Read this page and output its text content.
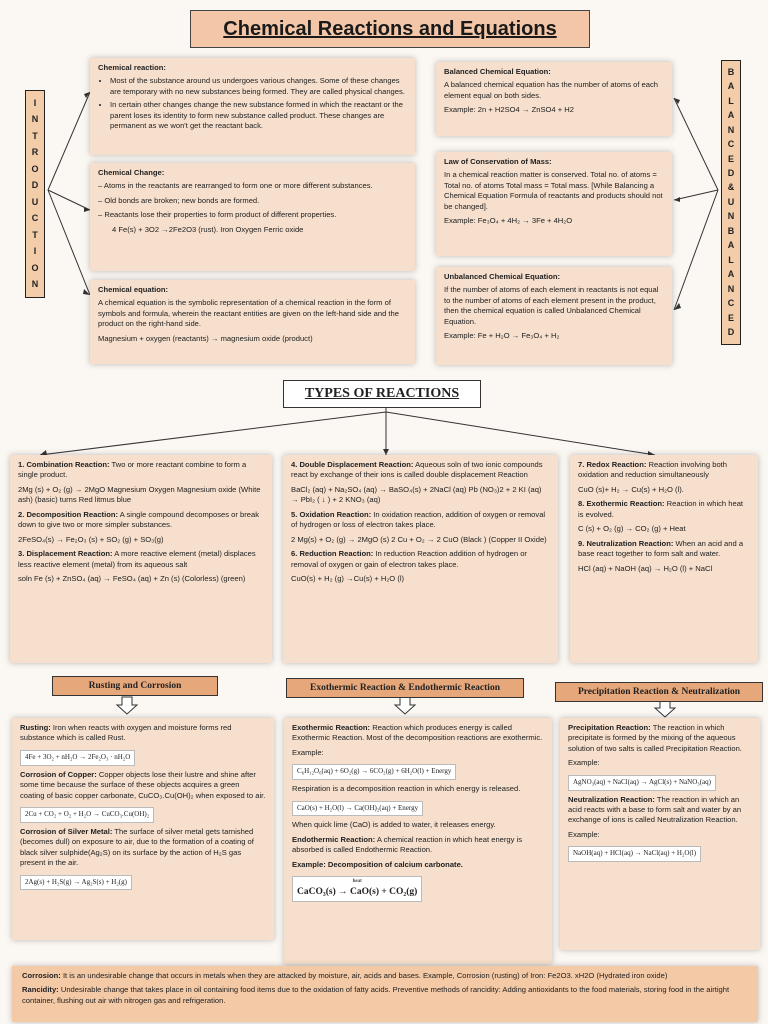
Chemical Reactions and Equations
I
N
T
R
O
D
U
C
T
I
O
N
B
A
L
A
N
C
E
D
&
U
N
B
A
L
A
N
C
E
D
Chemical reaction:
• Most of the substance around us undergoes various changes. Some of these changes are temporary with no new substances being formed. They are called physical changes.
• In certain other changes change the new substance formed in which the reactant or the parent loses its identity to form new substance called product. These changes are permanent as we won't get the reactant back.
Chemical Change:

– Atoms in the reactants are rearranged to form one or more different substances.

– Old bonds are broken; new bonds are formed.

– Reactants lose their properties to form product of different properties.

4 Fe(s) + 3O2 →2Fe2O3 (rust). Iron Oxygen Ferric oxide

Chemical equation:

A chemical equation is the symbolic representation of a chemical reaction in the form of symbols and formula, wherein the reactant entities are given on the left-hand side and the product on the right-hand side.

Magnesium + oxygen (reactants) → magnesium oxide (product)

Balanced Chemical Equation:

A balanced chemical equation has the number of atoms of each element equal on both sides.

Example: 2n + H2SO4 → ZnSO4 + H2

Law of Conservation of Mass:

In a chemical reaction matter is conserved. Total no. of atoms = Total no. of atoms Total mass = Total mass. [While Balancing a Chemical Equation Formula of reactants and products should not be changed].

Example: Fe₃O₄ + 4H₂ → 3Fe + 4H₂O

Unbalanced Chemical Equation:

If the number of atoms of each element in reactants is not equal to the number of atoms of each element present in the product, then the chemical equation is called Unbalanced Chemical Equation.

Example: Fe + H₂O → Fe₃O₄ + H₂

TYPES OF REACTIONS

1. Combination Reaction: Two or more reactant combine to form a single product.

2Mg (s) + O₂ (g) → 2MgO Magnesium Oxygen Magnesium oxide (White ash) (basic) turns Red litmus blue

2. Decomposition Reaction: A single compound decomposes or break down to give two or more simpler substances.

2FeSO₄(s) → Fe₂O₃ (s) + SO₂ (g) + SO₃(g)

3. Displacement Reaction: A more reactive element (metal) displaces less reactive element (metal) from its aqueous salt

soln Fe (s) + ZnSO₄ (aq) → FeSO₄ (aq) + Zn (s) (Colorless) (green)

4. Double Displacement Reaction: Aqueous soln of two ionic compounds react by exchange of their ions is called double displacement Reaction

BaCl₂ (aq) + Na₂SO₄ (aq) → BaSO₄(s) + 2NaCl (aq) Pb (NO₃)2 + 2 KI (aq) → PbI₂ ( ↓ ) + 2 KNO₃ (aq)

5. Oxidation Reaction: In oxidation reaction, addition of oxygen or removal of hydrogen or loss of electron takes place.

2 Mg(s) + O₂ (g) → 2MgO (s) 2 Cu + O₂ → 2 CuO (Black ) (Copper II Oxide)

6. Reduction Reaction: In reduction Reaction addition of hydrogen or removal of oxygen or gain of electron takes place.

CuO(s) + H₂ (g) →Cu(s) + H₂O (l)

7. Redox Reaction: Reaction involving both oxidation and reduction simultaneously

CuO (s)+ H₂ → Cu(s) + H₂O (l).

8. Exothermic Reaction: Reaction in which heat is evolved.

C (s) + O₂ (g) → CO₂ (g) + Heat

9. Neutralization Reaction: When an acid and a base react together to form salt and water.

HCl (aq) + NaOH (aq) → H₂O (l) + NaCl

Rusting and Corrosion	Exothermic Reaction & Endothermic Reaction	Precipitation Reaction & Neutralization

Rusting: Iron when reacts with oxygen and moisture forms red substance which is called Rust.

4Fe + 3O₂ + nH₂O → 2Fe₂O₃ · nH₂O

Corrosion of Copper: Copper objects lose their lustre and shine after some time because the surface of these objects acquires a green coating of basic copper carbonate, CuCO₃.Cu(OH)₂ when exposed to air.

2Cu + CO₂ + O₂ + H₂O → CuCO₃.Cu(OH)₂

Corrosion of Silver Metal: The surface of silver metal gets tarnished (becomes dull) on exposure to air, due to the formation of a coating of black silver sulphide(Ag₂S) on its surface by the action of H₂S gas present in the air.

2Ag(s) + H₂S(g) → Ag₂S(s) + H₂(g)

Exothermic Reaction: Reaction which produces energy is called Exothermic Reaction. Most of the decomposition reactions are exothermic.

Example:

C₆H₁₂O₆(aq) + 6O₂(g) → 6CO₂(g) + 6H₂O(l) + Energy

Respiration is a decomposition reaction in which energy is released.

CaO(s) + H₂O(l) → Ca(OH)₂(aq) + Energy

When quick lime (CaO) is added to water, it releases energy.

Endothermic Reaction: A chemical reaction in which heat energy is absorbed is called Endothermic Reaction.

Example: Decomposition of calcium carbonate.

heat
CaCO₃(s) → CaO(s) + CO₂(g)

Precipitation Reaction: The reaction in which precipitate is formed by the mixing of the aqueous solution of two salts is called Precipitation Reaction.

Example:

AgNO₃(aq) + NaCl(aq) → AgCl(s) + NaNO₃(aq)

Neutralization Reaction: The reaction in which an acid reacts with a base to form salt and water by an exchange of ions is called Neutralization Reaction.

Example:

NaOH(aq) + HCl(aq) → NaCl(aq) + H₂O(l)

Corrosion: It is an undesirable change that occurs in metals when they are attacked by moisture, air, acids and bases. Example, Corrosion (rusting) of Iron: Fe2O3. xH2O (Hydrated iron oxide)

Rancidity: Undesirable change that takes place in oil containing food items due to the oxidation of fatty acids. Preventive methods of rancidity: Adding antioxidants to the food materials, storing food in the airtight container, flushing out air with nitrogen gas and refrigeration.
